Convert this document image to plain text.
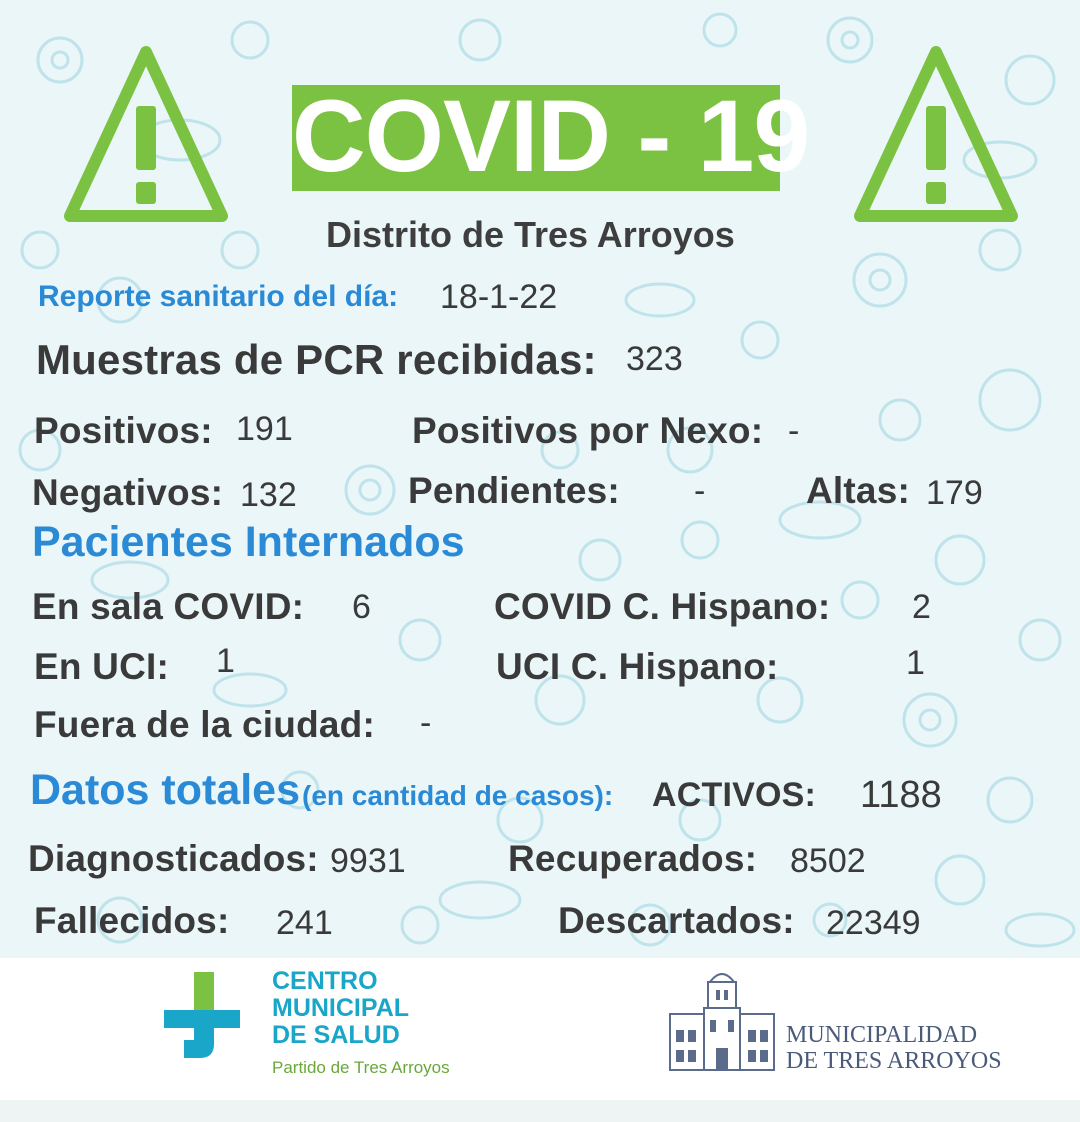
COVID - 19
Distrito de Tres Arroyos
Reporte sanitario del día: 18-1-22
Muestras de PCR recibidas: 323
Positivos: 191	Positivos por Nexo: -
Negativos: 132	Pendientes: -	Altas: 179
Pacientes Internados
En sala COVID: 6	COVID C. Hispano: 2
En UCI: 1	UCI C. Hispano:	1
Fuera de la ciudad: -
Datos totales (en cantidad de casos): ACTIVOS: 1188
Diagnosticados: 9931	Recuperados: 8502
Fallecidos: 241	Descartados: 22349
CENTRO
MUNICIPAL
DE SALUD
Partido de Tres Arroyos
MUNICIPALIDAD
DE TRES ARROYOS
